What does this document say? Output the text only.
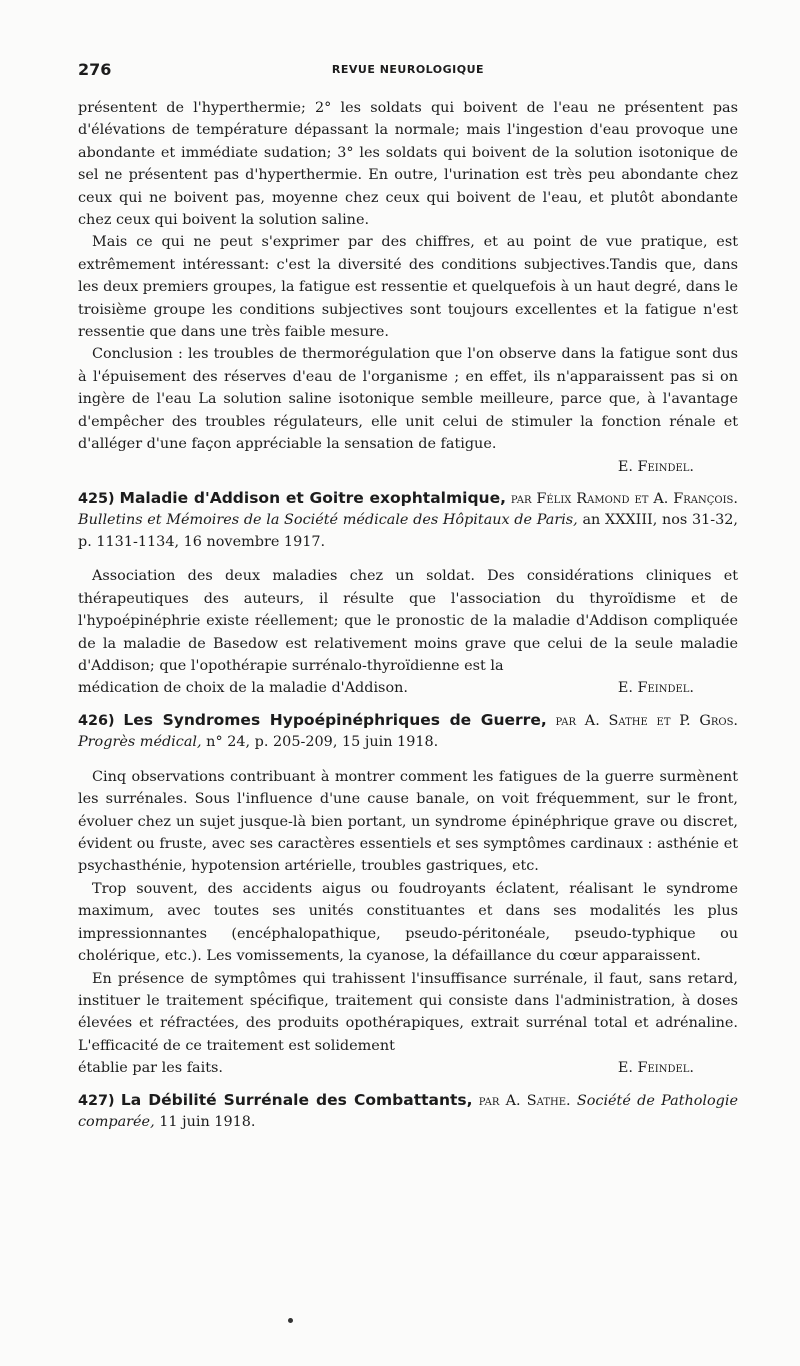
276	REVUE NEUROLOGIQUE

présentent de l'hyperthermie; 2° les soldats qui boivent de l'eau ne présentent pas d'élévations de température dépassant la normale; mais l'ingestion d'eau provoque une abondante et immédiate sudation; 3° les soldats qui boivent de la solution isotonique de sel ne présentent pas d'hyperthermie. En outre, l'urination est très peu abondante chez ceux qui ne boivent pas, moyenne chez ceux qui boivent de l'eau, et plutôt abondante chez ceux qui boivent la solution saline.

Mais ce qui ne peut s'exprimer par des chiffres, et au point de vue pratique, est extrêmement intéressant: c'est la diversité des conditions subjectives.Tandis que, dans les deux premiers groupes, la fatigue est ressentie et quelquefois à un haut degré, dans le troisième groupe les conditions subjectives sont toujours excellentes et la fatigue n'est ressentie que dans une très faible mesure.

Conclusion : les troubles de thermorégulation que l'on observe dans la fatigue sont dus à l'épuisement des réserves d'eau de l'organisme ; en effet, ils n'apparaissent pas si on ingère de l'eau La solution saline isotonique semble meilleure, parce que, à l'avantage d'empêcher des troubles régulateurs, elle unit celui de stimuler la fonction rénale et d'alléger d'une façon appréciable la sensation de fatigue.

E. Feindel.

425) Maladie d'Addison et Goitre exophtalmique, par Félix Ramond et A. François. Bulletins et Mémoires de la Société médicale des Hôpitaux de Paris, an XXXIII, nos 31-32, p. 1131-1134, 16 novembre 1917.

Association des deux maladies chez un soldat. Des considérations cliniques et thérapeutiques des auteurs, il résulte que l'association du thyroïdisme et de l'hypoépinéphrie existe réellement; que le pronostic de la maladie d'Addison compliquée de la maladie de Basedow est relativement moins grave que celui de la seule maladie d'Addison; que l'opothérapie surrénalo-thyroïdienne est la

médication de choix de la maladie d'Addison.	E. Feindel.

426) Les Syndromes Hypoépinéphriques de Guerre, par A. Sathe et P. Gros. Progrès médical, n° 24, p. 205-209, 15 juin 1918.

Cinq observations contribuant à montrer comment les fatigues de la guerre surmènent les surrénales. Sous l'influence d'une cause banale, on voit fréquemment, sur le front, évoluer chez un sujet jusque-là bien portant, un syndrome épinéphrique grave ou discret, évident ou fruste, avec ses caractères essentiels et ses symptômes cardinaux : asthénie et psychasthénie, hypotension artérielle, troubles gastriques, etc.

Trop souvent, des accidents aigus ou foudroyants éclatent, réalisant le syndrome maximum, avec toutes ses unités constituantes et dans ses modalités les plus impressionnantes (encéphalopathique, pseudo-péritonéale, pseudo-typhique ou cholérique, etc.). Les vomissements, la cyanose, la défaillance du cœur apparaissent.

En présence de symptômes qui trahissent l'insuffisance surrénale, il faut, sans retard, instituer le traitement spécifique, traitement qui consiste dans l'administration, à doses élevées et réfractées, des produits opothérapiques, extrait surrénal total et adrénaline. L'efficacité de ce traitement est solidement

établie par les faits.	E. Feindel.

427) La Débilité Surrénale des Combattants, par A. Sathe. Société de Pathologie comparée, 11 juin 1918.
